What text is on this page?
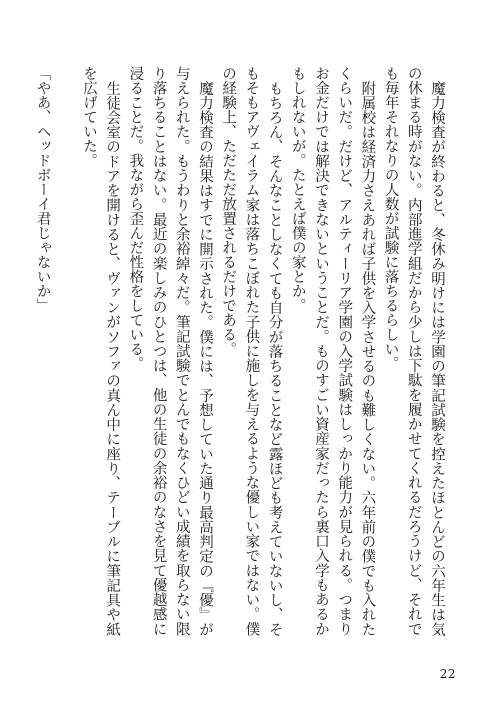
魔力検査が終わると、冬休み明けには学園の筆記試験を控えたほとんどの六年生は気の休まる時がない。内部進学組だから少しは下駄を履かせてくれるだろうけど、それでも毎年それなりの人数が試験に落ちるらしい。

附属校は経済力さえあれば子供を入学させるのも難しくない。六年前の僕でも入れたくらいだ。だけど、アルティーリア学園の入学試験はしっかり能力が見られる。つまりお金だけでは解決できないということだ。ものすごい資産家だったら裏口入学もあるかもしれないが。たとえば僕の家とか。

もちろん、そんなことしなくても自分が落ちることなど露ほども考えていないし、そもそもアヴェイラム家は落ちこぼれた子供に施しを与えるような優しい家ではない。僕の経験上、ただただ放置されるだけである。

魔力検査の結果はすでに開示された。僕には、予想していた通り最高判定の『優』が与えられた。もうわりと余裕綽々だ。筆記試験でとんでもなくひどい成績を取らない限り落ちることはない。最近の楽しみのひとつは、他の生徒の余裕のなさを見て優越感に浸ることだ。我ながら歪んだ性格をしている。

生徒会室のドアを開けると、ヴァンがソファの真ん中に座り、テーブルに筆記具や紙を広げていた。

「やあ、ヘッドボーイ君じゃないか」

22
